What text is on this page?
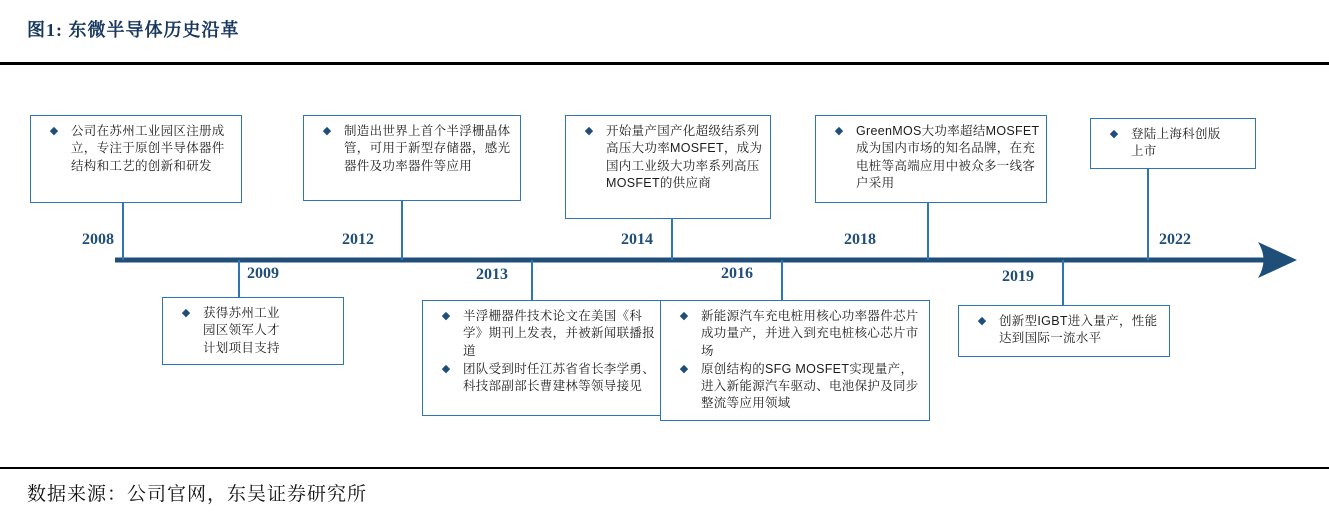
图1: 东微半导体历史沿革
2008	2012	2014	2018	2022
2009	2013	2016	2019
◆	公司在苏州工业园区注册成立，专注于原创半导体器件结构和工艺的创新和研发
◆	制造出世界上首个半浮栅晶体管，可用于新型存储器，感光器件及功率器件等应用
◆	开始量产国产化超级结系列高压大功率MOSFET，成为国内工业级大功率系列高压MOSFET的供应商
◆	GreenMOS大功率超结MOSFET成为国内市场的知名品牌，在充电桩等高端应用中被众多一线客户采用
◆	登陆上海科创版上市
◆	获得苏州工业园区领军人才计划项目支持
◆	半浮栅器件技术论文在美国《科学》期刊上发表，并被新闻联播报道
◆	团队受到时任江苏省省长李学勇、科技部副部长曹建林等领导接见
◆	新能源汽车充电桩用核心功率器件芯片成功量产，并进入到充电桩核心芯片市场
◆	原创结构的SFG MOSFET实现量产，进入新能源汽车驱动、电池保护及同步整流等应用领域
◆	创新型IGBT进入量产，性能达到国际一流水平
数据来源：公司官网，东吴证券研究所
